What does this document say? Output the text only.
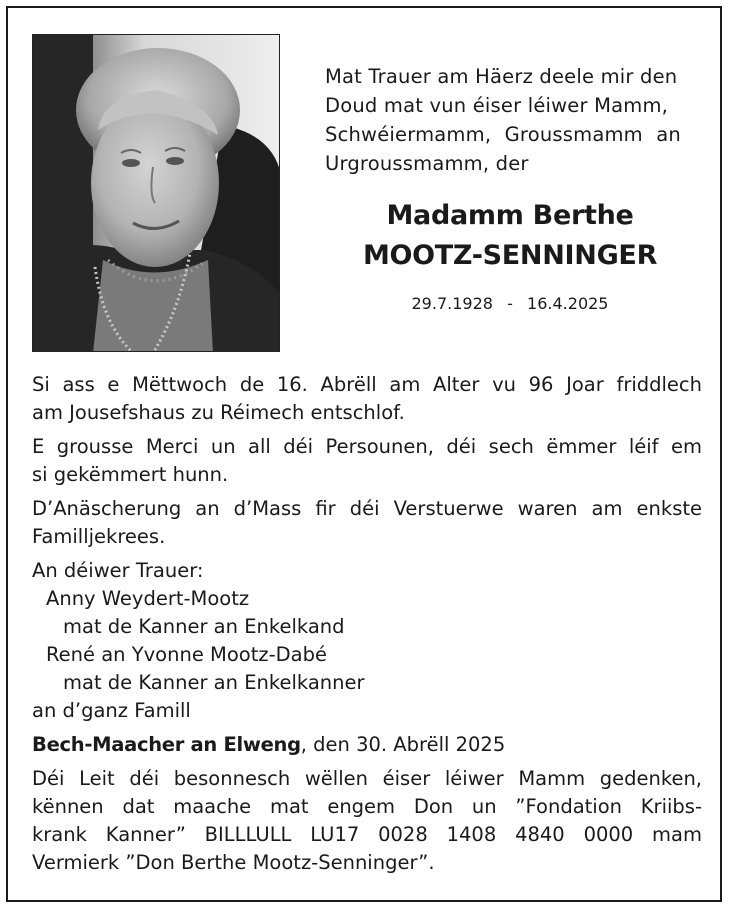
Mat Trauer am Häerz deele mir den
Doud mat vun éiser léiwer Mamm,
Schwéiermamm, Groussmamm an
Urgroussmamm, der
Madamm Berthe
MOOTZ-SENNINGER
29.7.1928  -  16.4.2025
Si ass e Mëttwoch de 16. Abrëll am Alter vu 96 Joar friddlech
am Jousefshaus zu Réimech entschlof.
E grousse Merci un all déi Persounen, déi sech ëmmer léif em
si gekëmmert hunn.
D’Anäscherung an d’Mass fir déi Verstuerwe waren am enkste
Familljekrees.
An déiwer Trauer:
Anny Weydert-Mootz
mat de Kanner an Enkelkand
René an Yvonne Mootz-Dabé
mat de Kanner an Enkelkanner
an d’ganz Famill
Bech-Maacher an Elweng, den 30. Abrëll 2025
Déi Leit déi besonnesch wëllen éiser léiwer Mamm gedenken,
kënnen dat maache mat engem Don un ”Fondation Kriibs-
krank Kanner” BILLLULL LU17 0028 1408 4840 0000 mam
Vermierk ”Don Berthe Mootz-Senninger”.
